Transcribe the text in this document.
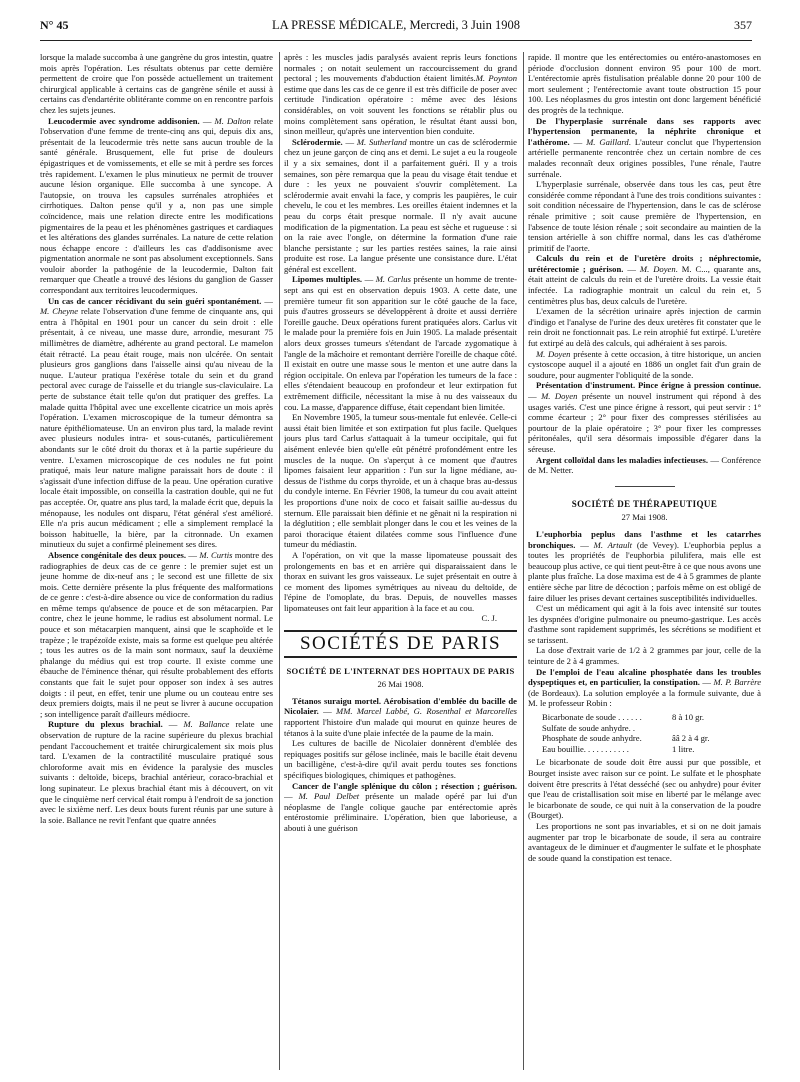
N° 45	LA PRESSE MÉDICALE, Mercredi, 3 Juin 1908	357

lorsque la malade succomba à une gangrène du gros intestin, quatre mois après l'opération. Les résultats obtenus par cette dernière permettent de croire que l'on possède actuellement un traitement chirurgical applicable à certains cas de gangrène sénile et aussi à certains cas d'endartérite oblitérante comme on en rencontre parfois chez les sujets jeunes.

Leucodermie avec syndrome addisonien. — M. Dalton relate l'observation d'une femme de trente-cinq ans qui, depuis dix ans, présentait de la leucodermie très nette sans aucun trouble de la santé générale. Brusquement, elle fut prise de douleurs épigastriques et de vomissements, et elle se mit à perdre ses forces très rapidement. L'examen le plus minutieux ne permit de trouver aucune lésion organique. Elle succomba à une syncope. A l'autopsie, on trouva les capsules surrénales atrophiées et cirrhotiques. Dalton pense qu'il y a, non pas une simple coïncidence, mais une relation directe entre les modifications pigmentaires de la peau et les phénomènes gastriques et cardiaques et les altérations des glandes surrénales. La nature de cette relation nous échappe encore : d'ailleurs les cas d'addisonisme avec pigmentation anormale ne sont pas absolument exceptionnels. Sans vouloir aborder la pathogénie de la leucodermie, Dalton fait remarquer que Cheatle a trouvé des lésions du ganglion de Gasser correspondant aux territoires leucodermiques.

Un cas de cancer récidivant du sein guéri spontanément. — M. Cheyne relate l'observation d'une femme de cinquante ans, qui entra à l'hôpital en 1901 pour un cancer du sein droit : elle présentait, à ce niveau, une masse dure, arrondie, mesurant 75 millimètres de diamètre, adhérente au grand pectoral. Le mamelon était rétracté. La peau était rouge, mais non ulcérée. On sentait plusieurs gros ganglions dans l'aisselle ainsi qu'au niveau de la nuque. L'auteur pratiqua l'exérèse totale du sein et du grand pectoral avec curage de l'aisselle et du triangle sus-claviculaire. La perte de substance était telle qu'on dut pratiquer des greffes. La malade quitta l'hôpital avec une excellente cicatrice un mois après l'opération. L'examen microscopique de la tumeur démontra sa nature épithéliomateuse. Un an environ plus tard, la malade revint avec plusieurs nodules intra- et sous-cutanés, particulièrement abondants sur le côté droit du thorax et à la partie supérieure du ventre. L'examen microscopique de ces nodules ne fut point pratiqué, mais leur nature maligne paraissait hors de doute : il s'agissait d'une infection diffuse de la peau. Une opération curative locale était impossible, on conseilla la castration double, qui ne fut pas acceptée. Or, quatre ans plus tard, la malade écrit que, depuis la ménopause, les nodules ont disparu, l'état général s'est amélioré. Elle n'a pris aucun médicament ; elle a simplement remplacé la boisson habituelle, la bière, par la citronnade. Un examen minutieux du sujet a confirmé pleinement ses dires.

Absence congénitale des deux pouces. — M. Curtis montre des radiographies de deux cas de ce genre : le premier sujet est un jeune homme de dix-neuf ans ; le second est une fillette de six mois. Cette dernière présente la plus fréquente des malformations de ce genre : c'est-à-dire absence ou vice de conformation du radius en même temps qu'absence de pouce et de son métacarpien. Par contre, chez le jeune homme, le radius est absolument normal. Le pouce et son métacarpien manquent, ainsi que le scaphoïde et le trapèze ; le trapézoïde existe, mais sa forme est quelque peu altérée ; tous les autres os de la main sont normaux, sauf la deuxième phalange du médius qui est trop courte. Il existe comme une ébauche de l'éminence thénar, qui résulte probablement des efforts constants que fait le sujet pour opposer son index à ses autres doigts : il peut, en effet, tenir une plume ou un couteau entre ses deux premiers doigts, mais il ne peut se livrer à aucune occupation ; son intelligence paraît d'ailleurs médiocre.

Rupture du plexus brachial. — M. Ballance relate une observation de rupture de la racine supérieure du plexus brachial pendant l'accouchement et traitée chirurgicalement six mois plus tard. L'examen de la contractilité musculaire pratiqué sous chloroforme avait mis en évidence la paralysie des muscles suivants : deltoïde, biceps, brachial antérieur, coraco-brachial et long supinateur. Le plexus brachial étant mis à découvert, on vit que le cinquième nerf cervical était rompu à l'endroit de sa jonction avec le sixième nerf. Les deux bouts furent réunis par une suture à la soie. Ballance ne revit l'enfant que quatre années

après : les muscles jadis paralysés avaient repris leurs fonctions normales ; on notait seulement un raccourcissement du grand pectoral ; les mouvements d'abduction étaient limités.M. Poynton estime que dans les cas de ce genre il est très difficile de poser avec certitude l'indication opératoire : même avec des lésions considérables, on voit souvent les fonctions se rétablir plus ou moins complètement sans opération, le résultat étant aussi bon, sinon meilleur, qu'après une intervention bien conduite.

Sclérodermie. — M. Sutherland montre un cas de sclérodermie chez un jeune garçon de cinq ans et demi. Le sujet a eu la rougeole il y a six semaines, dont il a parfaitement guéri. Il y a trois semaines, son père remarqua que la peau du visage était tendue et dure : les yeux ne pouvaient s'ouvrir complètement. La sclérodermie avait envahi la face, y compris les paupières, le cuir chevelu, le cou et les membres. Les oreilles étaient indemnes et la peau du corps était presque normale. Il n'y avait aucune modification de la pigmentation. La peau est sèche et rugueuse : si on la raie avec l'ongle, on détermine la formation d'une raie blanche persistante ; sur les parties restées saines, la raie ainsi produite est rose. La langue présente une consistance dure. L'état général est excellent.

Lipomes multiples. — M. Carlus présente un homme de trente-sept ans qui est en observation depuis 1903. A cette date, une première tumeur fit son apparition sur le côté gauche de la face, puis d'autres grosseurs se développèrent à droite et aussi derrière l'oreille gauche. Deux opérations furent pratiquées alors. Carlus vit le malade pour la première fois en Juin 1905. La malade présentait alors deux grosses tumeurs s'étendant de l'arcade zygomatique à l'angle de la mâchoire et remontant derrière l'oreille de chaque côté. Il existait en outre une masse sous le menton et une autre dans la région occipitale. On enleva par l'opération les tumeurs de la face : elles s'étendaient beaucoup en profondeur et leur extirpation fut extrêmement difficile, nécessitant la mise à nu des vaisseaux du cou. La masse, d'apparence diffuse, était cependant bien limitée.

En Novembre 1905, la tumeur sous-mentale fut enlevée. Celle-ci aussi était bien limitée et son extirpation fut plus facile. Quelques jours plus tard Carlus s'attaquait à la tumeur occipitale, qui fut aisément enlevée bien qu'elle eût pénétré profondément entre les muscles de la nuque. On s'aperçut à ce moment que d'autres lipomes faisaient leur apparition : l'un sur la ligne médiane, au-dessus de l'isthme du corps thyroïde, et un à chaque bras au-dessus du condyle interne. En Février 1908, la tumeur du cou avait atteint les proportions d'une noix de coco et faisait saillie au-dessus du sternum. Elle paraissait bien définie et ne gênait ni la respiration ni la déglutition ; elle semblait plonger dans le cou et les veines de la paroi thoracique étaient dilatées comme sous l'influence d'une tumeur du médiastin.

A l'opération, on vit que la masse lipomateuse poussait des prolongements en bas et en arrière qui disparaissaient dans le thorax en suivant les gros vaisseaux. Le sujet présentait en outre à ce moment des lipomes symétriques au niveau du deltoïde, de l'épine de l'omoplate, du bras. Depuis, de nouvelles masses lipomateuses ont fait leur apparition à la face et au cou.

C. J.
SOCIÉTÉS DE PARIS
SOCIÉTÉ DE L'INTERNAT DES HOPITAUX DE PARIS
26 Mai 1908.

Tétanos suraigu mortel. Aérobisation d'emblée du bacille de Nicolaier. — MM. Marcel Labbé, G. Rosenthal et Marcorelles rapportent l'histoire d'un malade qui mourut en quinze heures de tétanos à la suite d'une plaie infectée de la paume de la main.

Les cultures de bacille de Nicolaier donnèrent d'emblée des repiquages positifs sur gélose inclinée, mais le bacille était devenu un bacilligène, c'est-à-dire qu'il avait perdu toutes ses fonctions spécifiques biologiques, chimiques et pathogènes.

Cancer de l'angle splénique du côlon ; résection ; guérison. — M. Paul Delbet présente un malade opéré par lui d'un néoplasme de l'angle colique gauche par entérectomie après entérostomie préliminaire. L'opération, bien que laborieuse, a abouti à une guérison

rapide. Il montre que les entérectomies ou entéro-anastomoses en période d'occlusion donnent environ 95 pour 100 de mort. L'entérectomie après fistulisation préalable donne 20 pour 100 de mort seulement ; l'entérectomie avant toute obstruction 15 pour 100. Les néoplasmes du gros intestin ont donc largement bénéficié des progrès de la technique.

De l'hyperplasie surrénale dans ses rapports avec l'hypertension permanente, la néphrite chronique et l'athérome. — M. Gaillard. L'auteur conclut que l'hypertension artérielle permanente rencontrée chez un certain nombre de ces malades reconnaît deux origines possibles, l'une rénale, l'autre surrénale.

L'hyperplasie surrénale, observée dans tous les cas, peut être considérée comme répondant à l'une des trois conditions suivantes : soit condition nécessaire de l'hypertension, dans le cas de sclérose rénale primitive ; soit cause première de l'hypertension, en l'absence de toute lésion rénale ; soit secondaire au maintien de la tension artérielle à son chiffre normal, dans les cas d'athérome primitif de l'aorte.

Calculs du rein et de l'uretère droits ; néphrectomie, urétérectomie ; guérison. — M. Doyen. M. C..., quarante ans, était atteint de calculs du rein et de l'uretère droits. La vessie était infectée. La radiographie montrait un calcul du rein et, 5 centimètres plus bas, deux calculs de l'uretère.

L'examen de la sécrétion urinaire après injection de carmin d'indigo et l'analyse de l'urine des deux uretères fit constater que le rein droit ne fonctionnait pas. Le rein atrophié fut extirpé. L'uretère fut extirpé au delà des calculs, qui adhéraient à ses parois.

M. Doyen présente à cette occasion, à titre historique, un ancien cystoscope auquel il a ajouté en 1886 un onglet fait d'un grain de soudure, pour augmenter l'obliquité de la sonde.

Présentation d'instrument. Pince érigne à pression continue. — M. Doyen présente un nouvel instrument qui répond à des usages variés. C'est une pince érigne à ressort, qui peut servir : 1° comme écarteur ; 2° pour fixer des compresses stérilisées au pourtour de la plaie opératoire ; 3° pour fixer les compresses péritonéales, qu'il sera désormais impossible d'égarer dans la séreuse.

Argent colloïdal dans les maladies infectieuses. — Conférence de M. Netter.

SOCIÉTÉ DE THÉRAPEUTIQUE
27 Mai 1908.

L'euphorbia peplus dans l'asthme et les catarrhes bronchiques. — M. Artault (de Vevey). L'euphorbia peplus a toutes les propriétés de l'euphorbia pilulifera, mais elle est beaucoup plus active, ce qui tient peut-être à ce que nous avons une plante plus fraîche. La dose maxima est de 4 à 5 grammes de plante entière sèche par litre de décoction ; parfois même on est obligé de faire diluer les prises devant certaines susceptibilités individuelles.

C'est un médicament qui agit à la fois avec intensité sur toutes les dyspnées d'origine pulmonaire ou pneumo-gastrique. Les accès d'asthme sont rapidement supprimés, les sécrétions se modifient et se tarissent.

La dose d'extrait varie de 1/2 à 2 grammes par jour, celle de la teinture de 2 à 4 grammes.

De l'emploi de l'eau alcaline phosphatée dans les troubles dyspeptiques et, en particulier, la constipation. — M. P. Barrère (de Bordeaux). La solution employée a la formule suivante, due à M. le professeur Robin :

Bicarbonate de soude . . . . . .	8 à 10 gr.
Sulfate de soude anhydre. .
Phosphate de soude anhydre.	ââ 2 à 4 gr.
Eau bouillie. . . . . . . . . . .	1 litre.

Le bicarbonate de soude doit être aussi pur que possible, et Bourget insiste avec raison sur ce point. Le sulfate et le phosphate doivent être prescrits à l'état desséché (sec ou anhydre) pour éviter que l'eau de cristallisation soit mise en liberté par le mélange avec le bicarbonate de soude, ce qui nuit à la conservation de la poudre (Bourget).

Les proportions ne sont pas invariables, et si on ne doit jamais augmenter par trop le bicarbonate de soude, il sera au contraire avantageux de le diminuer et d'augmenter le sulfate et le phosphate de soude quand la constipation est tenace.
